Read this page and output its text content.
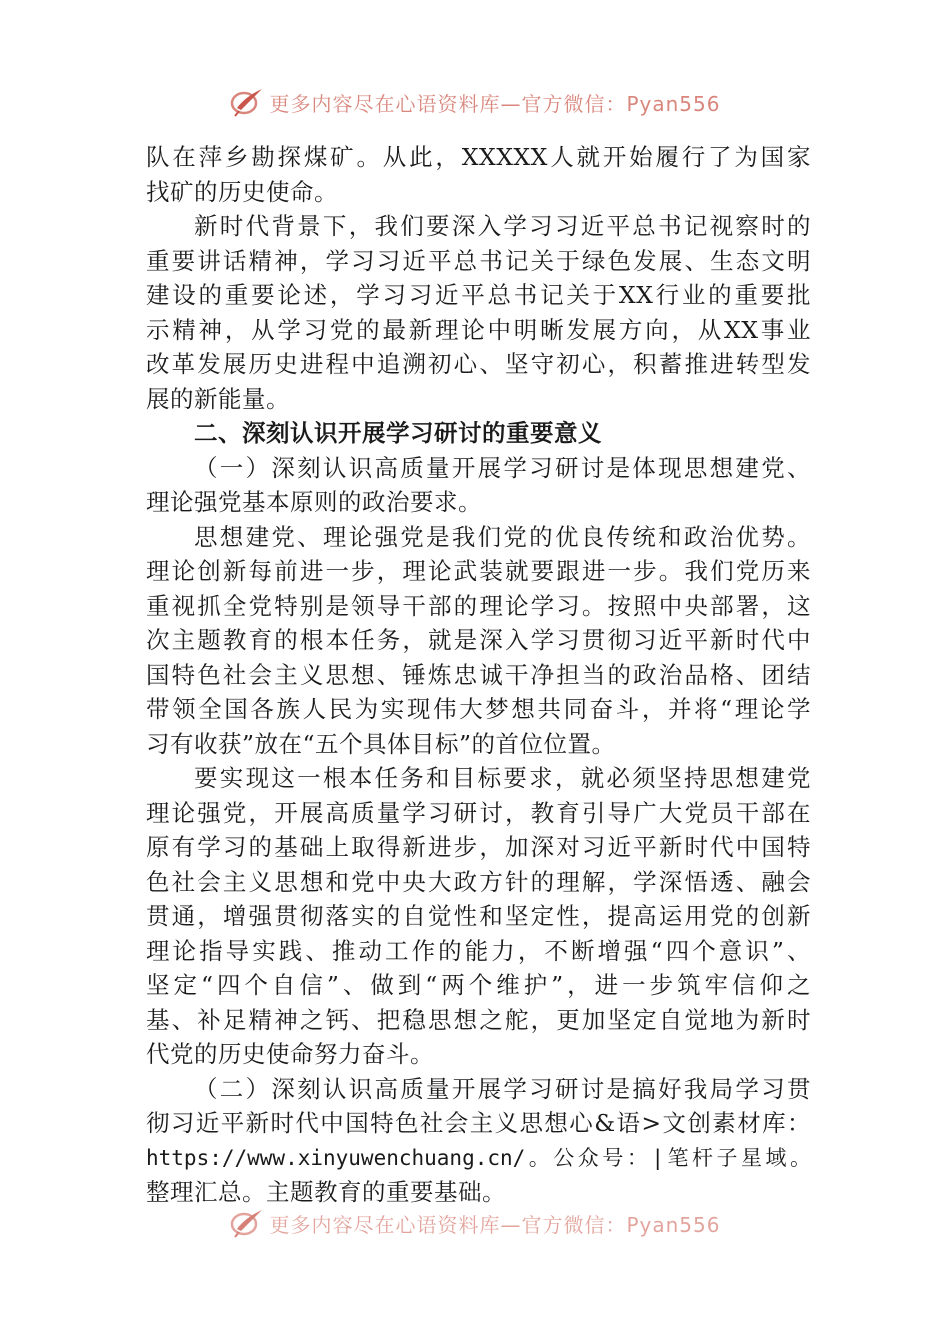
更多内容尽在心语资料库—官方微信：Pyan556
队在萍乡勘探煤矿。从此，XXXXX人就开始履行了为国家
找矿的历史使命。
新时代背景下，我们要深入学习习近平总书记视察时的
重要讲话精神，学习习近平总书记关于绿色发展、生态文明
建设的重要论述，学习习近平总书记关于XX行业的重要批
示精神，从学习党的最新理论中明晰发展方向，从XX事业
改革发展历史进程中追溯初心、坚守初心，积蓄推进转型发
展的新能量。
二、深刻认识开展学习研讨的重要意义
（一）深刻认识高质量开展学习研讨是体现思想建党、
理论强党基本原则的政治要求。
思想建党、理论强党是我们党的优良传统和政治优势。
理论创新每前进一步，理论武装就要跟进一步。我们党历来
重视抓全党特别是领导干部的理论学习。按照中央部署，这
次主题教育的根本任务，就是深入学习贯彻习近平新时代中
国特色社会主义思想、锤炼忠诚干净担当的政治品格、团结
带领全国各族人民为实现伟大梦想共同奋斗，并将“理论学
习有收获”放在“五个具体目标”的首位位置。
要实现这一根本任务和目标要求，就必须坚持思想建党
理论强党，开展高质量学习研讨，教育引导广大党员干部在
原有学习的基础上取得新进步，加深对习近平新时代中国特
色社会主义思想和党中央大政方针的理解，学深悟透、融会
贯通，增强贯彻落实的自觉性和坚定性，提高运用党的创新
理论指导实践、推动工作的能力，不断增强“四个意识”、
坚定“四个自信”、做到“两个维护”，进一步筑牢信仰之
基、补足精神之钙、把稳思想之舵，更加坚定自觉地为新时
代党的历史使命努力奋斗。
（二）深刻认识高质量开展学习研讨是搞好我局学习贯
彻习近平新时代中国特色社会主义思想心&语>文创素材库：
https://www.xinyuwenchuang.cn/。公众号：|笔杆子星域。
整理汇总。主题教育的重要基础。
更多内容尽在心语资料库—官方微信：Pyan556
